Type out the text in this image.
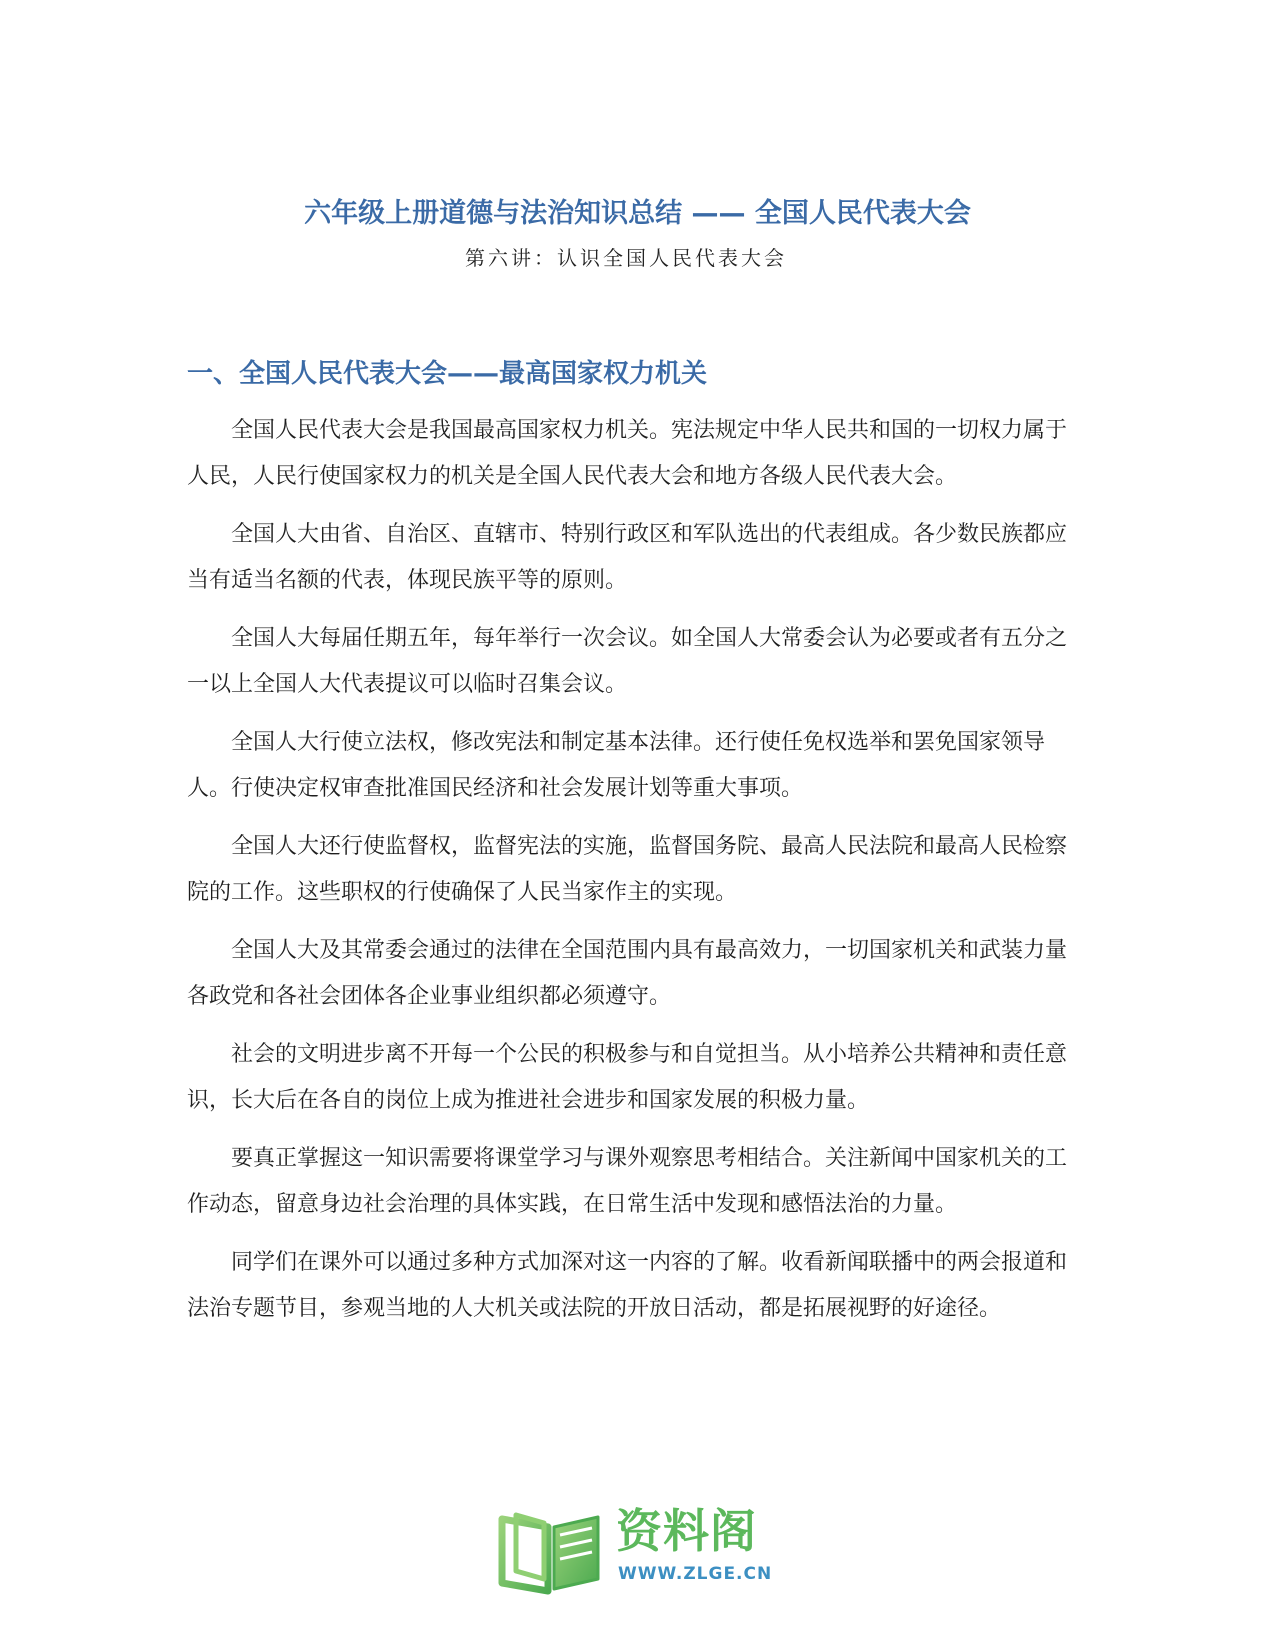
六年级上册道德与法治知识总结 —— 全国人民代表大会

第六讲：认识全国人民代表大会

一、全国人民代表大会——最高国家权力机关

全国人民代表大会是我国最高国家权力机关。宪法规定中华人民共和国的一切权力属于人民，人民行使国家权力的机关是全国人民代表大会和地方各级人民代表大会。

全国人大由省、自治区、直辖市、特别行政区和军队选出的代表组成。各少数民族都应当有适当名额的代表，体现民族平等的原则。

全国人大每届任期五年，每年举行一次会议。如全国人大常委会认为必要或者有五分之一以上全国人大代表提议可以临时召集会议。

全国人大行使立法权，修改宪法和制定基本法律。还行使任免权选举和罢免国家领导人。行使决定权审查批准国民经济和社会发展计划等重大事项。

全国人大还行使监督权，监督宪法的实施，监督国务院、最高人民法院和最高人民检察院的工作。这些职权的行使确保了人民当家作主的实现。

全国人大及其常委会通过的法律在全国范围内具有最高效力，一切国家机关和武装力量各政党和各社会团体各企业事业组织都必须遵守。

社会的文明进步离不开每一个公民的积极参与和自觉担当。从小培养公共精神和责任意识，长大后在各自的岗位上成为推进社会进步和国家发展的积极力量。

要真正掌握这一知识需要将课堂学习与课外观察思考相结合。关注新闻中国家机关的工作动态，留意身边社会治理的具体实践，在日常生活中发现和感悟法治的力量。

同学们在课外可以通过多种方式加深对这一内容的了解。收看新闻联播中的两会报道和法治专题节目，参观当地的人大机关或法院的开放日活动，都是拓展视野的好途径。

资料阁
WWW.ZLGE.CN
